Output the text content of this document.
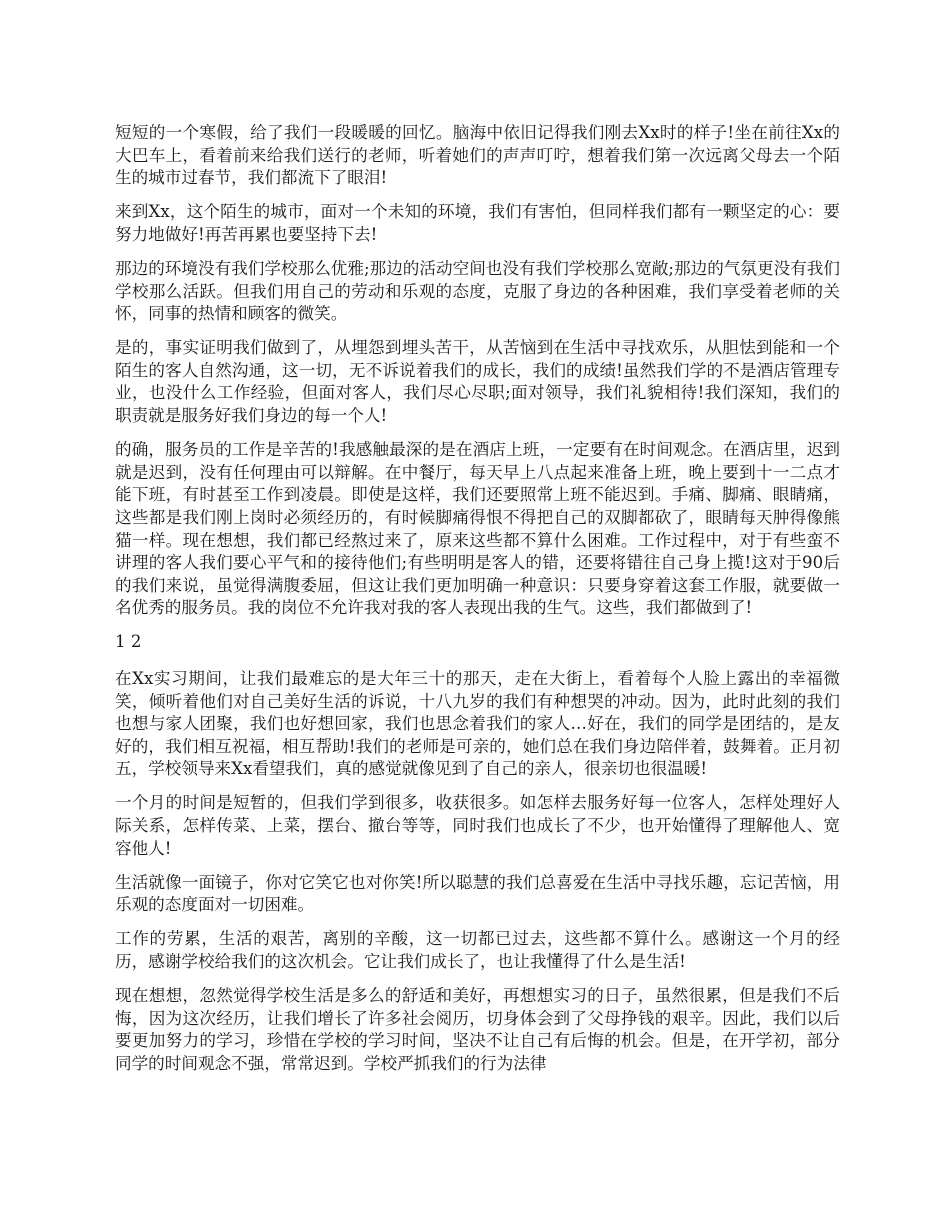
短短的一个寒假，给了我们一段暖暖的回忆。脑海中依旧记得我们刚去Xx时的样子!坐在前往Xx的大巴车上，看着前来给我们送行的老师，听着她们的声声叮咛，想着我们第一次远离父母去一个陌生的城市过春节，我们都流下了眼泪!

来到Xx，这个陌生的城市，面对一个未知的环境，我们有害怕，但同样我们都有一颗坚定的心：要努力地做好!再苦再累也要坚持下去!

那边的环境没有我们学校那么优雅;那边的活动空间也没有我们学校那么宽敞;那边的气氛更没有我们学校那么活跃。但我们用自己的劳动和乐观的态度，克服了身边的各种困难，我们享受着老师的关怀，同事的热情和顾客的微笑。

是的，事实证明我们做到了，从埋怨到埋头苦干，从苦恼到在生活中寻找欢乐，从胆怯到能和一个陌生的客人自然沟通，这一切，无不诉说着我们的成长，我们的成绩!虽然我们学的不是酒店管理专业，也没什么工作经验，但面对客人，我们尽心尽职;面对领导，我们礼貌相待!我们深知，我们的职责就是服务好我们身边的每一个人!

的确，服务员的工作是辛苦的!我感触最深的是在酒店上班，一定要有在时间观念。在酒店里，迟到就是迟到，没有任何理由可以辩解。在中餐厅，每天早上八点起来准备上班，晚上要到十一二点才能下班，有时甚至工作到凌晨。即使是这样，我们还要照常上班不能迟到。手痛、脚痛、眼睛痛，这些都是我们刚上岗时必须经历的，有时候脚痛得恨不得把自己的双脚都砍了，眼睛每天肿得像熊猫一样。现在想想，我们都已经熬过来了，原来这些都不算什么困难。工作过程中，对于有些蛮不讲理的客人我们要心平气和的接待他们;有些明明是客人的错，还要将错往自己身上揽!这对于90后的我们来说，虽觉得满腹委屈，但这让我们更加明确一种意识：只要身穿着这套工作服，就要做一名优秀的服务员。我的岗位不允许我对我的客人表现出我的生气。这些，我们都做到了!

1 2

在Xx实习期间，让我们最难忘的是大年三十的那天，走在大街上，看着每个人脸上露出的幸福微笑，倾听着他们对自己美好生活的诉说，十八九岁的我们有种想哭的冲动。因为，此时此刻的我们也想与家人团聚，我们也好想回家，我们也思念着我们的家人…好在，我们的同学是团结的，是友好的，我们相互祝福，相互帮助!我们的老师是可亲的，她们总在我们身边陪伴着，鼓舞着。正月初五，学校领导来Xx看望我们，真的感觉就像见到了自己的亲人，很亲切也很温暖!

一个月的时间是短暂的，但我们学到很多，收获很多。如怎样去服务好每一位客人，怎样处理好人际关系，怎样传菜、上菜，摆台、撤台等等，同时我们也成长了不少，也开始懂得了理解他人、宽容他人!

生活就像一面镜子，你对它笑它也对你笑!所以聪慧的我们总喜爱在生活中寻找乐趣，忘记苦恼，用乐观的态度面对一切困难。

工作的劳累，生活的艰苦，离别的辛酸，这一切都已过去，这些都不算什么。感谢这一个月的经历，感谢学校给我们的这次机会。它让我们成长了，也让我懂得了什么是生活!

现在想想，忽然觉得学校生活是多么的舒适和美好，再想想实习的日子，虽然很累，但是我们不后悔，因为这次经历，让我们增长了许多社会阅历，切身体会到了父母挣钱的艰辛。因此，我们以后要更加努力的学习，珍惜在学校的学习时间，坚决不让自己有后悔的机会。但是，在开学初，部分同学的时间观念不强，常常迟到。学校严抓我们的行为法律
